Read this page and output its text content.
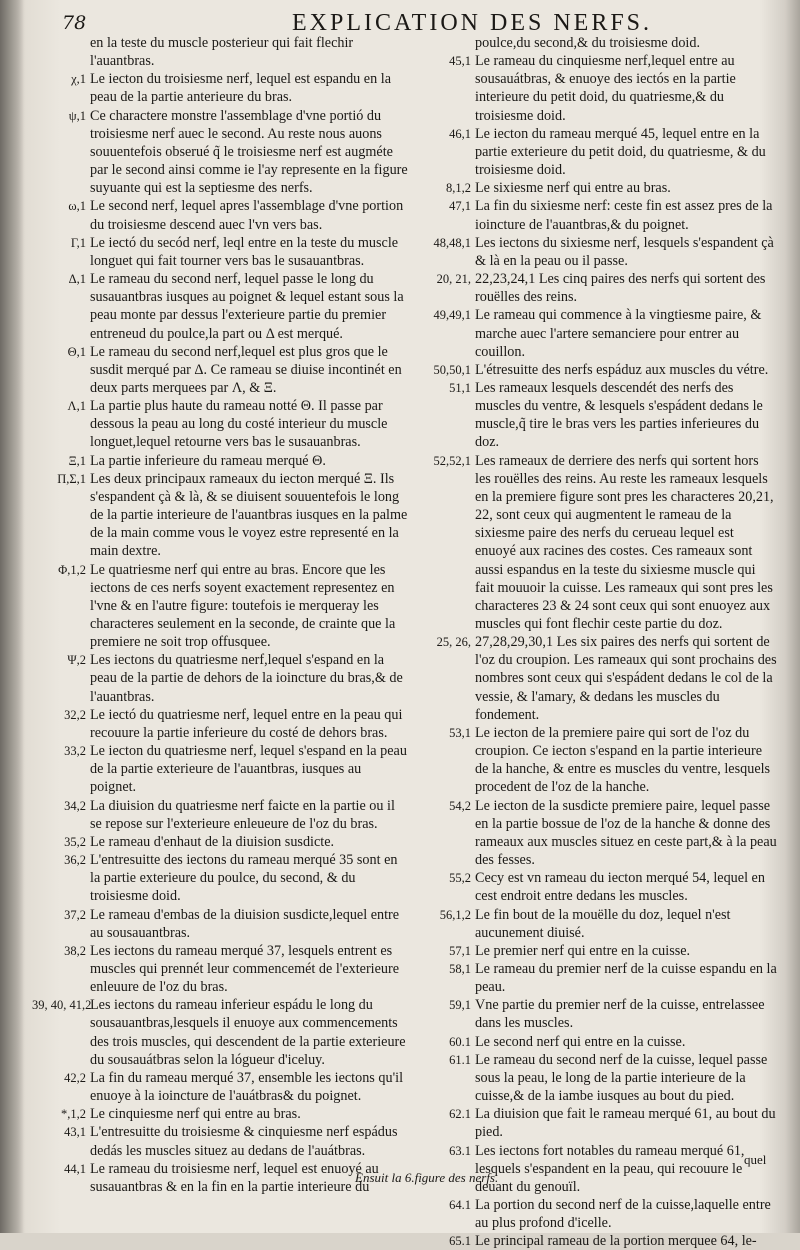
78	EXPLICATION DES NERFS.
en la teste du muscle posterieur qui fait flechir l'auantbras.
χ,1 Le iecton du troisiesme nerf, lequel est espandu en la peau de la partie anterieure du bras.
ψ,1 Ce charactere monstre l'assemblage d'vne portió du troisiesme nerf auec le second. Au reste nous auons souuentefois obserué q̃ le troisiesme nerf est augméte par le second ainsi comme ie l'ay represente en la figure suyuante qui est la septiesme des nerfs.
ω,1 Le second nerf, lequel apres l'assemblage d'vne portion du troisiesme descend auec l'vn vers bas.
Γ,1 Le iectó du secód nerf, leql entre en la teste du muscle longuet qui fait tourner vers bas le susauantbras.
Δ,1 Le rameau du second nerf, lequel passe le long du susauantbras iusques au poignet & lequel estant sous la peau monte par dessus l'exterieure partie du premier entreneud du poulce,la part ou Δ est merqué.
Θ,1 Le rameau du second nerf,lequel est plus gros que le susdit merqué par Δ. Ce rameau se diuise incontinét en deux parts merquees par Λ, & Ξ.
Λ,1 La partie plus haute du rameau notté Θ. Il passe par dessous la peau au long du costé interieur du muscle longuet,lequel retourne vers bas le susauanbras.
Ξ,1 La partie inferieure du rameau merqué Θ.
Π,Σ,1 Les deux principaux rameaux du iecton merqué Ξ. Ils s'espandent çà & là, & se diuisent souuentefois le long de la partie interieure de l'auantbras iusques en la palme de la main comme vous le voyez estre representé en la main dextre.
Φ,1,2 Le quatriesme nerf qui entre au bras. Encore que les iectons de ces nerfs soyent exactement representez en l'vne & en l'autre figure: toutefois ie merqueray les characteres seulement en la seconde, de crainte que la premiere ne soit trop offusquee.
Ψ,2 Les iectons du quatriesme nerf,lequel s'espand en la peau de la partie de dehors de la ioincture du bras,& de l'auantbras.
32,2 Le iectó du quatriesme nerf, lequel entre en la peau qui recouure la partie inferieure du costé de dehors bras.
33,2 Le iecton du quatriesme nerf, lequel s'espand en la peau de la partie exterieure de l'auantbras, iusques au poignet.
34,2 La diuision du quatriesme nerf faicte en la partie ou il se repose sur l'exterieure enleueure de l'oz du bras.
35,2 Le rameau d'enhaut de la diuision susdicte.
36,2 L'entresuitte des iectons du rameau merqué 35 sont en la partie exterieure du poulce, du second, & du troisiesme doid.
37,2 Le rameau d'embas de la diuision susdicte,lequel entre au sousauantbras.
38,2 Les iectons du rameau merqué 37, lesquels entrent es muscles qui prennét leur commencemét de l'exterieure enleuure de l'oz du bras.
39, 40, 41,2
Les iectons du rameau inferieur espádu le long du sousauantbras,lesquels il enuoye aux commencements des trois muscles, qui descendent de la partie exterieure du sousauátbras selon la lógueur d'iceluy.
42,2 La fin du rameau merqué 37, ensemble les iectons qu'il enuoye à la ioincture de l'auátbras& du poignet.
*,1,2 Le cinquiesme nerf qui entre au bras.
43,1 L'entresuitte du troisiesme & cinquiesme nerf espádus dedás les muscles situez au dedans de l'auátbras.
44,1 Le rameau du troisiesme nerf, lequel est enuoyé au susauantbras & en la fin en la partie interieure du
poulce,du second,& du troisiesme doid.
45,1 Le rameau du cinquiesme nerf,lequel entre au sousauátbras, & enuoye des iectós en la partie interieure du petit doid, du quatriesme,& du troisiesme doid.
46,1 Le iecton du rameau merqué 45, lequel entre en la partie exterieure du petit doid, du quatriesme, & du troisiesme doid.
8,1,2 Le sixiesme nerf qui entre au bras.
47,1 La fin du sixiesme nerf: ceste fin est assez pres de la ioincture de l'auantbras,& du poignet.
48,48,1 Les iectons du sixiesme nerf, lesquels s'espandent çà & là en la peau ou il passe.
20, 21, 22,23,24,1 Les cinq paires des nerfs qui sortent des rouëlles des reins.
49,49,1 Le rameau qui commence à la vingtiesme paire, & marche auec l'artere semanciere pour entrer au couillon.
50,50,1 L'étresuitte des nerfs espáduz aux muscles du vétre.
51,1 Les rameaux lesquels descendét des nerfs des muscles du ventre, & lesquels s'espádent dedans le muscle,q̃ tire le bras vers les parties inferieures du doz.
52,52,1 Les rameaux de derriere des nerfs qui sortent hors les rouëlles des reins. Au reste les rameaux lesquels en la premiere figure sont pres les characteres 20,21, 22, sont ceux qui augmentent le rameau de la sixiesme paire des nerfs du cerueau lequel est enuoyé aux racines des costes. Ces rameaux sont aussi espandus en la teste du sixiesme muscle qui fait mouuoir la cuisse. Les rameaux qui sont pres les characteres 23 & 24 sont ceux qui sont enuoyez aux muscles qui font flechir ceste partie du doz.
25, 26, 27,28,29,30,1 Les six paires des nerfs qui sortent de l'oz du croupion. Les rameaux qui sont prochains des nombres sont ceux qui s'espádent dedans le col de la vessie, & l'amary, & dedans les muscles du fondement.
53,1 Le iecton de la premiere paire qui sort de l'oz du croupion. Ce iecton s'espand en la partie interieure de la hanche, & entre es muscles du ventre, lesquels procedent de l'oz de la hanche.
54,2 Le iecton de la susdicte premiere paire, lequel passe en la partie bossue de l'oz de la hanche & donne des rameaux aux muscles situez en ceste part,& à la peau des fesses.
55,2 Cecy est vn rameau du iecton merqué 54, lequel en cest endroit entre dedans les muscles.
56,1,2 Le fin bout de la mouëlle du doz, lequel n'est aucunement diuisé.
57,1 Le premier nerf qui entre en la cuisse.
58,1 Le rameau du premier nerf de la cuisse espandu en la peau.
59,1 Vne partie du premier nerf de la cuisse, entrelassee dans les muscles.
60.1 Le second nerf qui entre en la cuisse.
61.1 Le rameau du second nerf de la cuisse, lequel passe sous la peau, le long de la partie interieure de la cuisse,& de la iambe iusques au bout du pied.
62.1 La diuision que fait le rameau merqué 61, au bout du pied.
63.1 Les iectons fort notables du rameau merqué 61, lesquels s'espandent en la peau, qui recouure le deuant du genouïl.
64.1 La portion du second nerf de la cuisse,laquelle entre au plus profond d'icelle.
65.1 Le principal rameau de la portion merquee 64, le-
quel
Ensuit la 6.figure des nerfs.
